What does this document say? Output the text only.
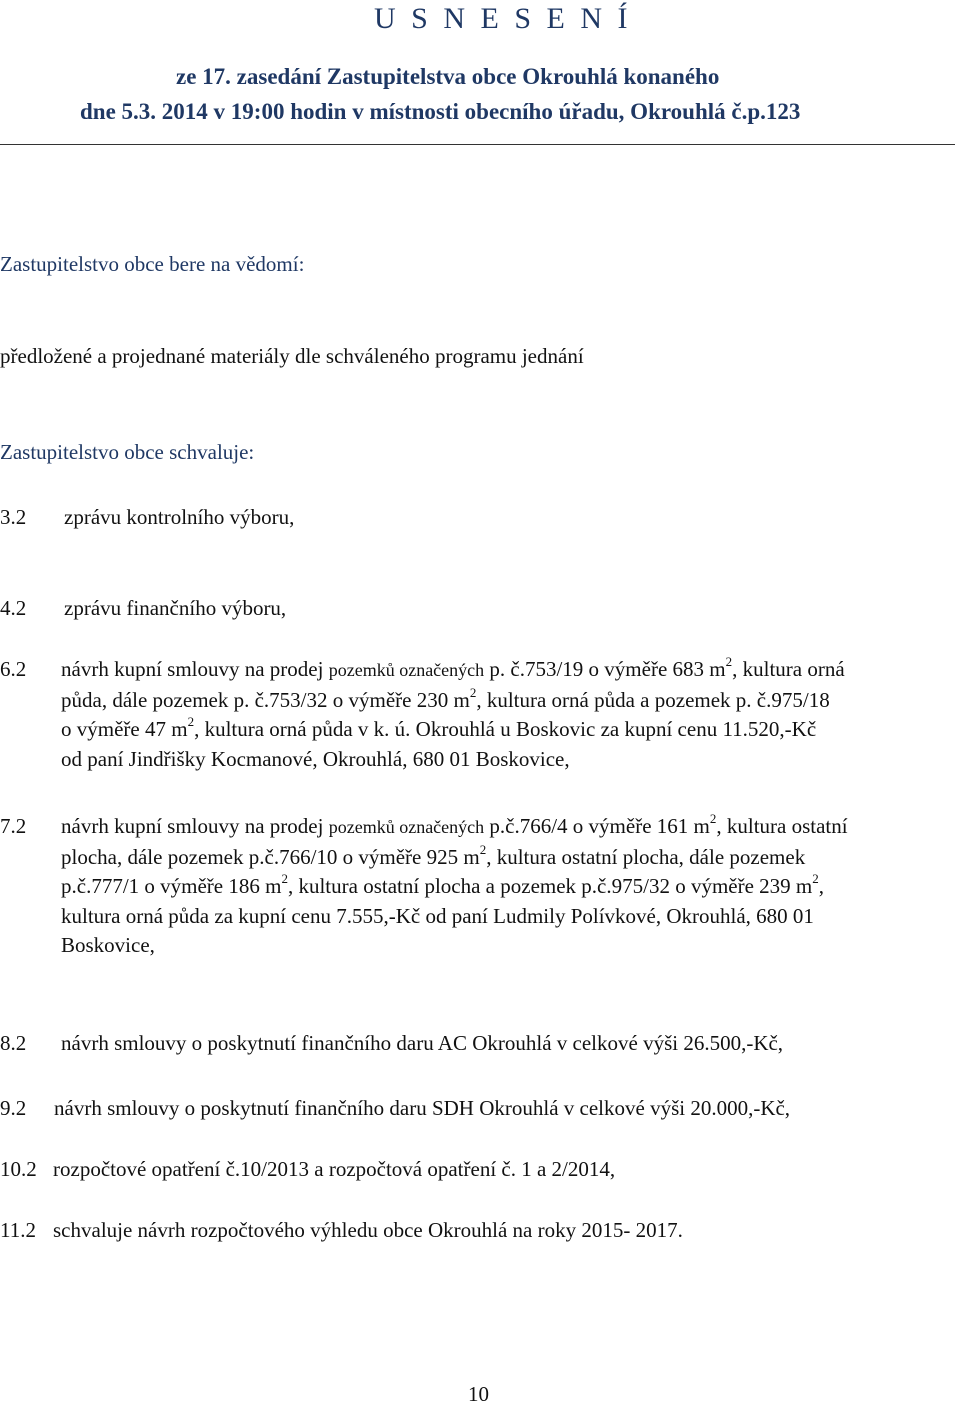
U S N E S E N Í
ze 17. zasedání Zastupitelstva obce Okrouhlá konaného
dne 5.3. 2014 v 19:00 hodin v místnosti obecního úřadu, Okrouhlá č.p.123
Zastupitelstvo obce bere na vědomí:
předložené a projednané materiály dle schváleného programu jednání
Zastupitelstvo obce schvaluje:
3.2 zprávu kontrolního výboru,
4.2 zprávu finančního výboru,
6.2 návrh kupní smlouvy na prodej pozemků označených p. č.753/19 o výměře 683 $m^2$, kultura orná
půda, dále pozemek p. č.753/32 o výměře 230 $m^2$, kultura orná půda a pozemek p. č.975/18
o výměře 47 $m^2$, kultura orná půda v k. ú. Okrouhlá u Boskovic za kupní cenu 11.520,-Kč
od paní Jindřišky Kocmanové, Okrouhlá, 680 01 Boskovice,
7.2 návrh kupní smlouvy na prodej pozemků označených p.č.766/4 o výměře 161 $m^2$, kultura ostatní
plocha, dále pozemek p.č.766/10 o výměře 925 $m^2$, kultura ostatní plocha, dále pozemek
p.č.777/1 o výměře 186 $m^2$, kultura ostatní plocha a pozemek p.č.975/32 o výměře 239 $m^2$,
kultura orná půda za kupní cenu 7.555,-Kč od paní Ludmily Polívkové, Okrouhlá, 680 01
Boskovice,
8.2 návrh smlouvy o poskytnutí finančního daru AC Okrouhlá v celkové výši 26.500,-Kč,
9.2 návrh smlouvy o poskytnutí finančního daru SDH Okrouhlá v celkové výši 20.000,-Kč,
10.2 rozpočtové opatření č.10/2013 a rozpočtová opatření č. 1 a 2/2014,
11.2 schvaluje návrh rozpočtového výhledu obce Okrouhlá na roky 2015- 2017.
10
